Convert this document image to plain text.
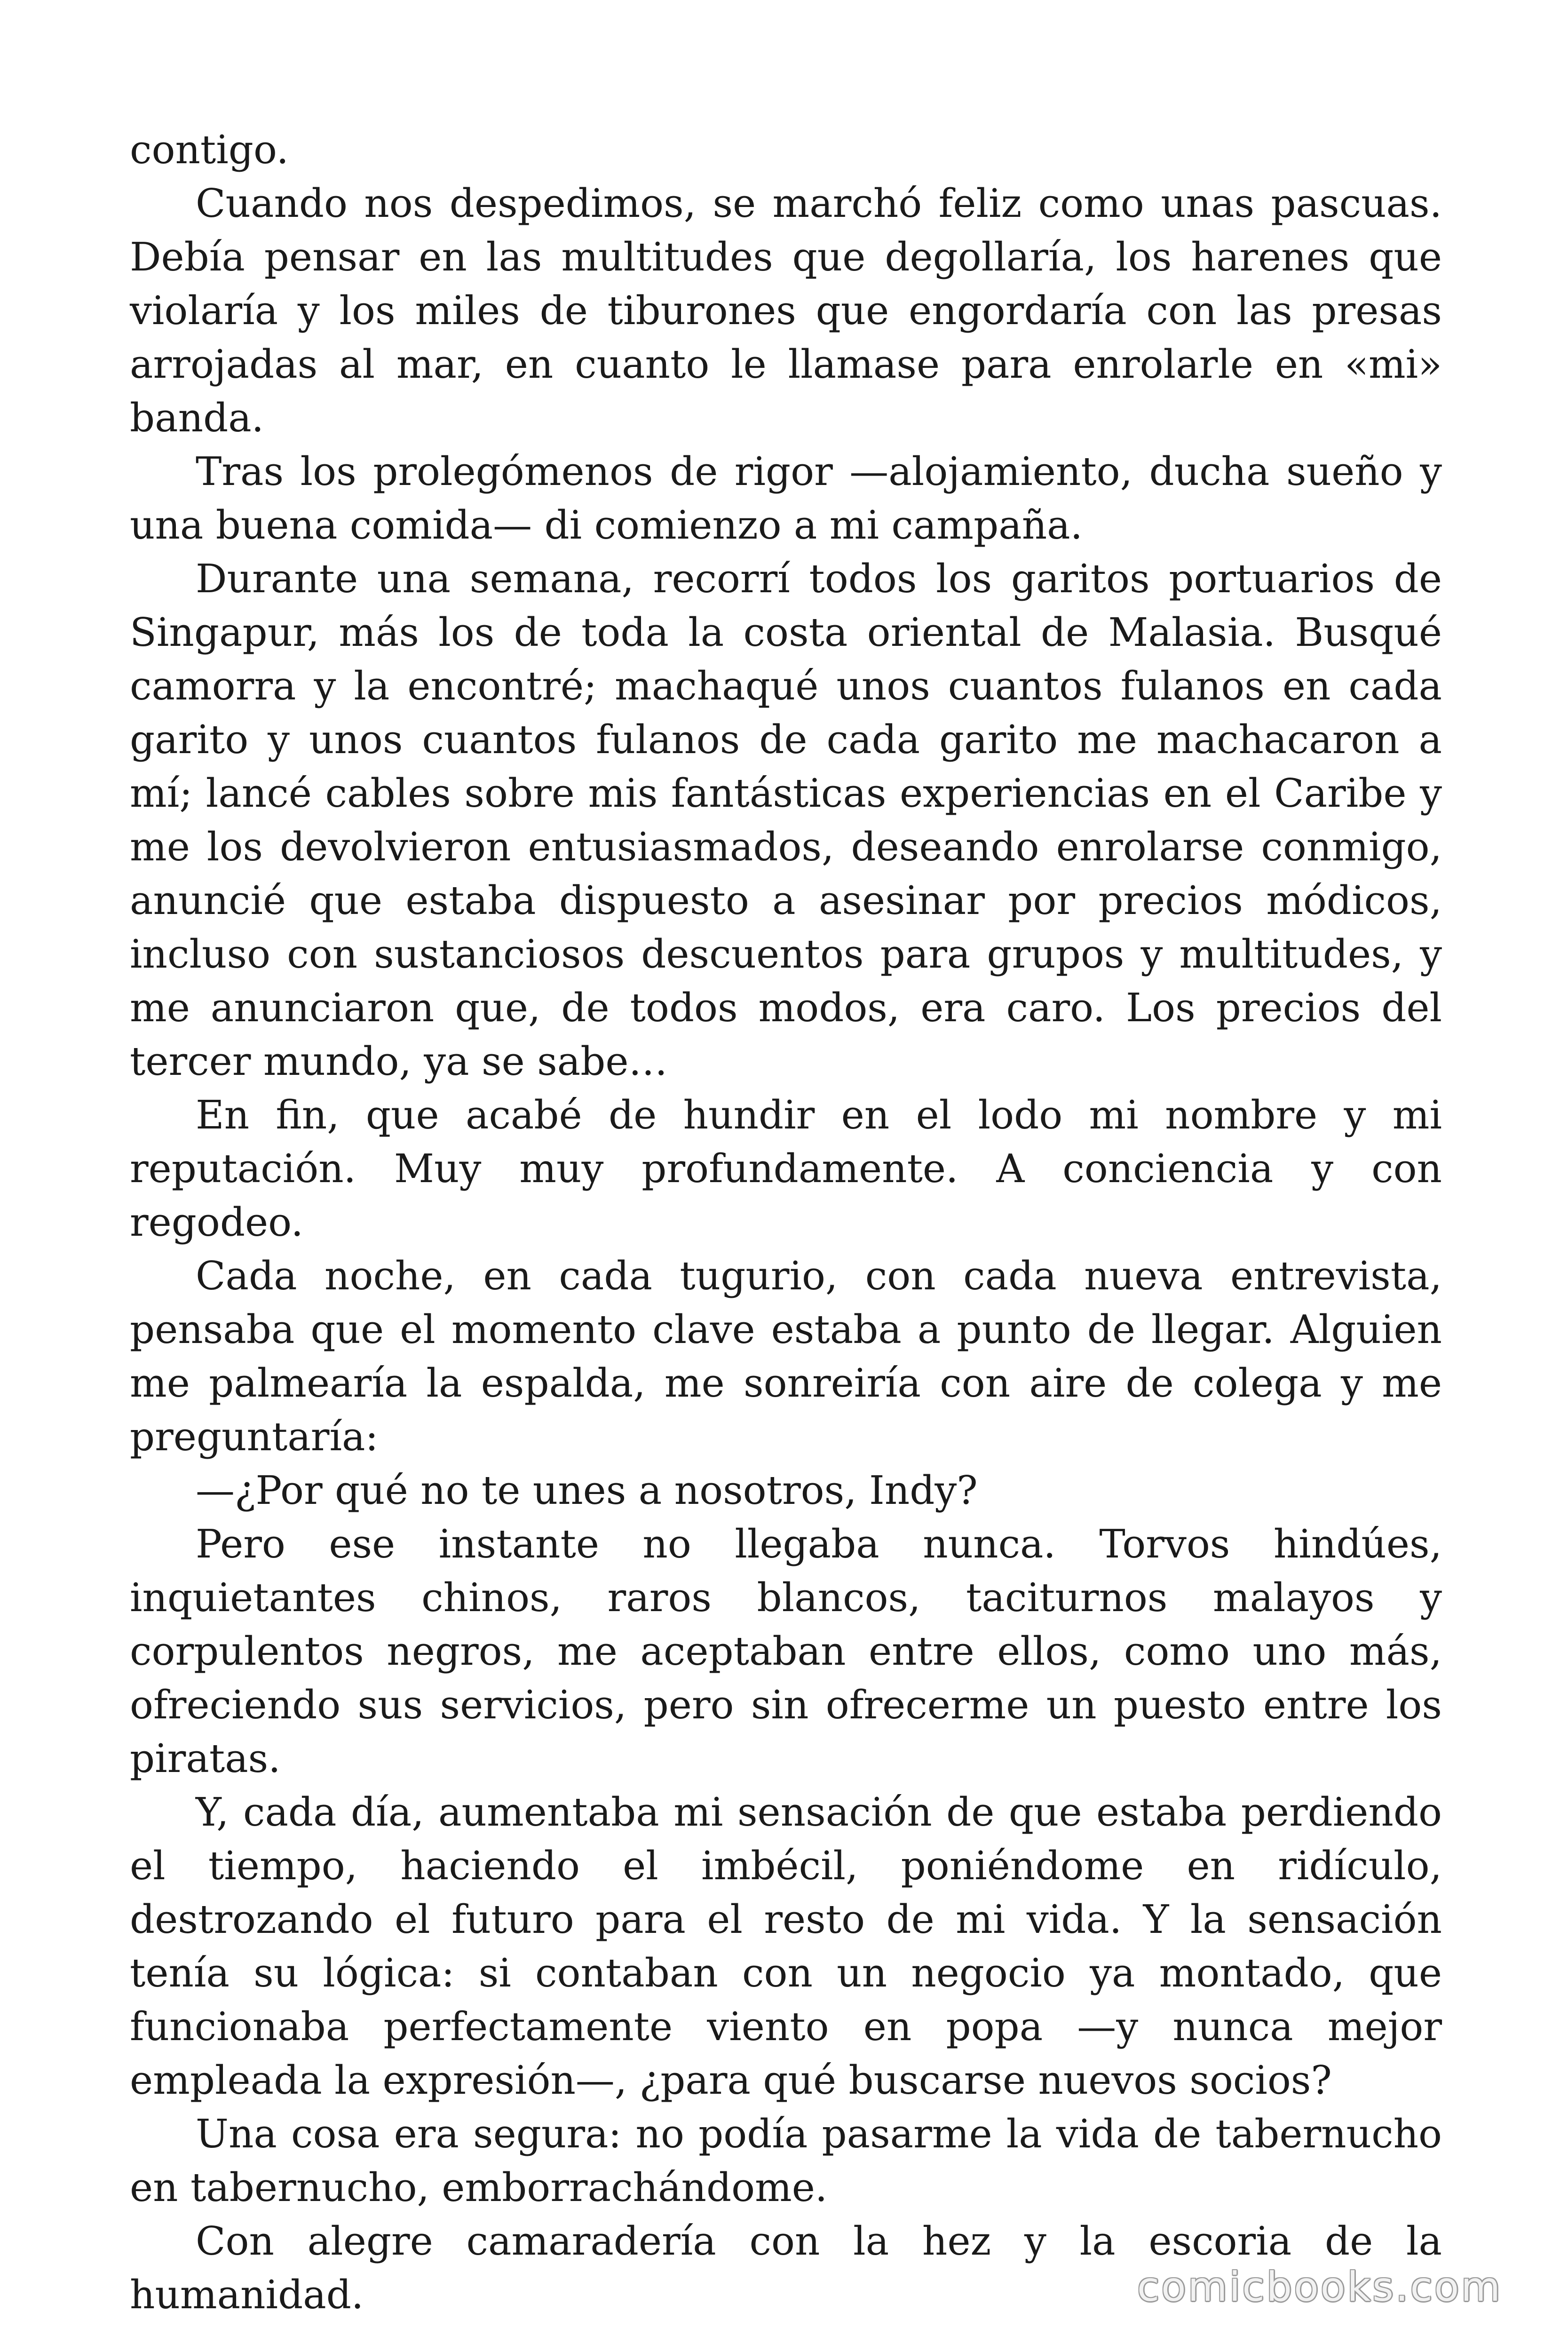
contigo.

Cuando nos despedimos, se marchó feliz como unas pascuas. Debía pensar en las multitudes que degollaría, los harenes que violaría y los miles de tiburones que engordaría con las presas arrojadas al mar, en cuanto le llamase para enrolarle en «mi» banda.

Tras los prolegómenos de rigor —alojamiento, ducha sueño y una buena comida— di comienzo a mi campaña.

Durante una semana, recorrí todos los garitos portuarios de Singapur, más los de toda la costa oriental de Malasia. Busqué camorra y la encontré; machaqué unos cuantos fulanos en cada garito y unos cuantos fulanos de cada garito me machacaron a mí; lancé cables sobre mis fantásticas experiencias en el Caribe y me los devolvieron entusiasmados, deseando enrolarse conmigo, anuncié que estaba dispuesto a asesinar por precios módicos, incluso con sustanciosos descuentos para grupos y multitudes, y me anunciaron que, de todos modos, era caro. Los precios del tercer mundo, ya se sabe…

En fin, que acabé de hundir en el lodo mi nombre y mi reputación. Muy muy profundamente. A conciencia y con regodeo.

Cada noche, en cada tugurio, con cada nueva entrevista, pensaba que el momento clave estaba a punto de llegar. Alguien me palmearía la espalda, me sonreiría con aire de colega y me preguntaría:

—¿Por qué no te unes a nosotros, Indy?

Pero ese instante no llegaba nunca. Torvos hindúes, inquietantes chinos, raros blancos, taciturnos malayos y corpulentos negros, me aceptaban entre ellos, como uno más, ofreciendo sus servicios, pero sin ofrecerme un puesto entre los piratas.

Y, cada día, aumentaba mi sensación de que estaba perdiendo el tiempo, haciendo el imbécil, poniéndome en ridículo, destrozando el futuro para el resto de mi vida. Y la sensación tenía su lógica: si contaban con un negocio ya montado, que funcionaba perfectamente viento en popa —y nunca mejor empleada la expresión—, ¿para qué buscarse nuevos socios?

Una cosa era segura: no podía pasarme la vida de tabernucho en tabernucho, emborrachándome.

Con alegre camaradería con la hez y la escoria de la humanidad.	comicbooks.com
